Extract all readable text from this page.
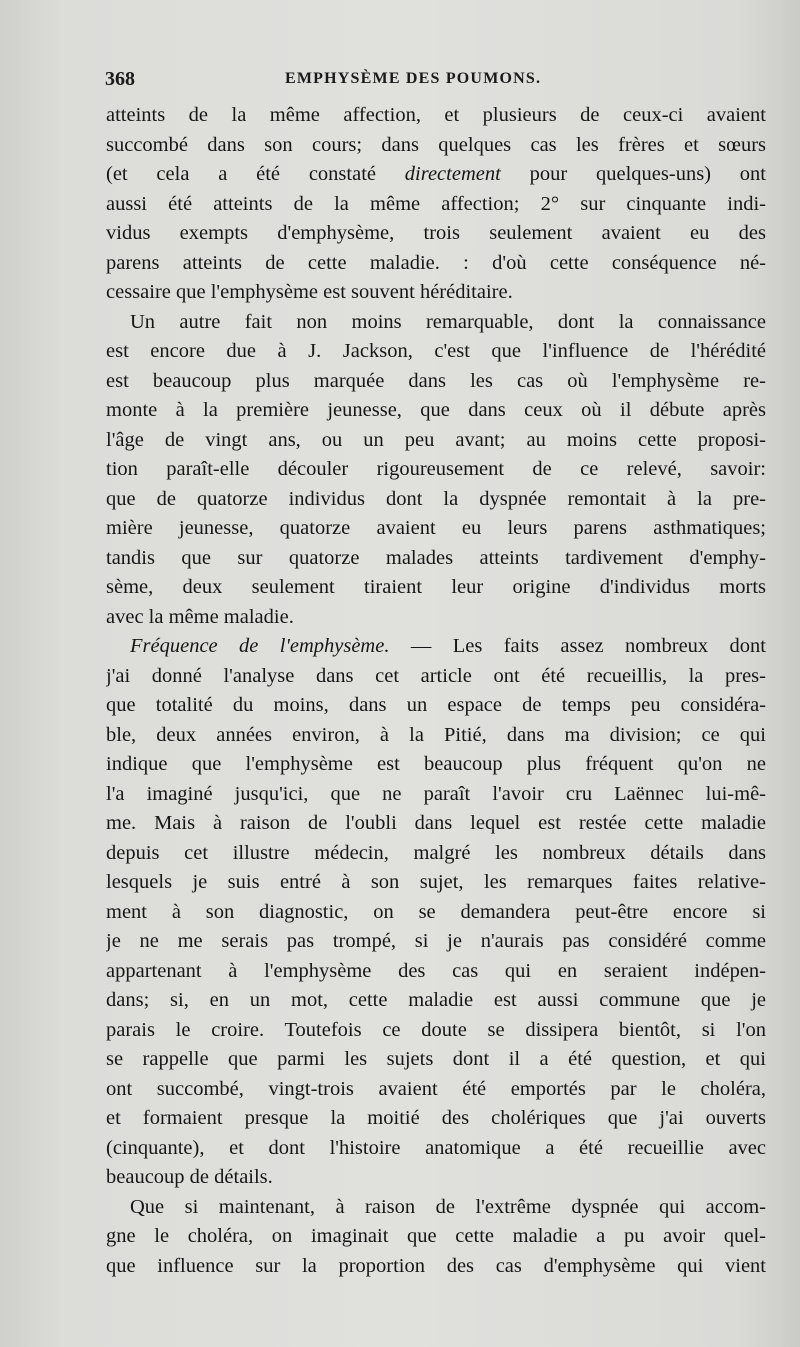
368	EMPHYSÈME DES POUMONS.
atteints de la même affection, et plusieurs de ceux-ci avaient
succombé dans son cours; dans quelques cas les frères et sœurs
(et cela a été constaté directement pour quelques-uns) ont
aussi été atteints de la même affection; 2° sur cinquante indi-
vidus exempts d'emphysème, trois seulement avaient eu des
parens atteints de cette maladie. : d'où cette conséquence né-
cessaire que l'emphysème est souvent héréditaire.
Un autre fait non moins remarquable, dont la connaissance
est encore due à J. Jackson, c'est que l'influence de l'hérédité
est beaucoup plus marquée dans les cas où l'emphysème re-
monte à la première jeunesse, que dans ceux où il débute après
l'âge de vingt ans, ou un peu avant; au moins cette proposi-
tion paraît-elle découler rigoureusement de ce relevé, savoir:
que de quatorze individus dont la dyspnée remontait à la pre-
mière jeunesse, quatorze avaient eu leurs parens asthmatiques;
tandis que sur quatorze malades atteints tardivement d'emphy-
sème, deux seulement tiraient leur origine d'individus morts
avec la même maladie.
Fréquence de l'emphysème. — Les faits assez nombreux dont
j'ai donné l'analyse dans cet article ont été recueillis, la pres-
que totalité du moins, dans un espace de temps peu considéra-
ble, deux années environ, à la Pitié, dans ma division; ce qui
indique que l'emphysème est beaucoup plus fréquent qu'on ne
l'a imaginé jusqu'ici, que ne paraît l'avoir cru Laënnec lui-mê-
me. Mais à raison de l'oubli dans lequel est restée cette maladie
depuis cet illustre médecin, malgré les nombreux détails dans
lesquels je suis entré à son sujet, les remarques faites relative-
ment à son diagnostic, on se demandera peut-être encore si
je ne me serais pas trompé, si je n'aurais pas considéré comme
appartenant à l'emphysème des cas qui en seraient indépen-
dans; si, en un mot, cette maladie est aussi commune que je
parais le croire. Toutefois ce doute se dissipera bientôt, si l'on
se rappelle que parmi les sujets dont il a été question, et qui
ont succombé, vingt-trois avaient été emportés par le choléra,
et formaient presque la moitié des cholériques que j'ai ouverts
(cinquante), et dont l'histoire anatomique a été recueillie avec
beaucoup de détails.
Que si maintenant, à raison de l'extrême dyspnée qui accom-
gne le choléra, on imaginait que cette maladie a pu avoir quel-
que influence sur la proportion des cas d'emphysème qui vient
